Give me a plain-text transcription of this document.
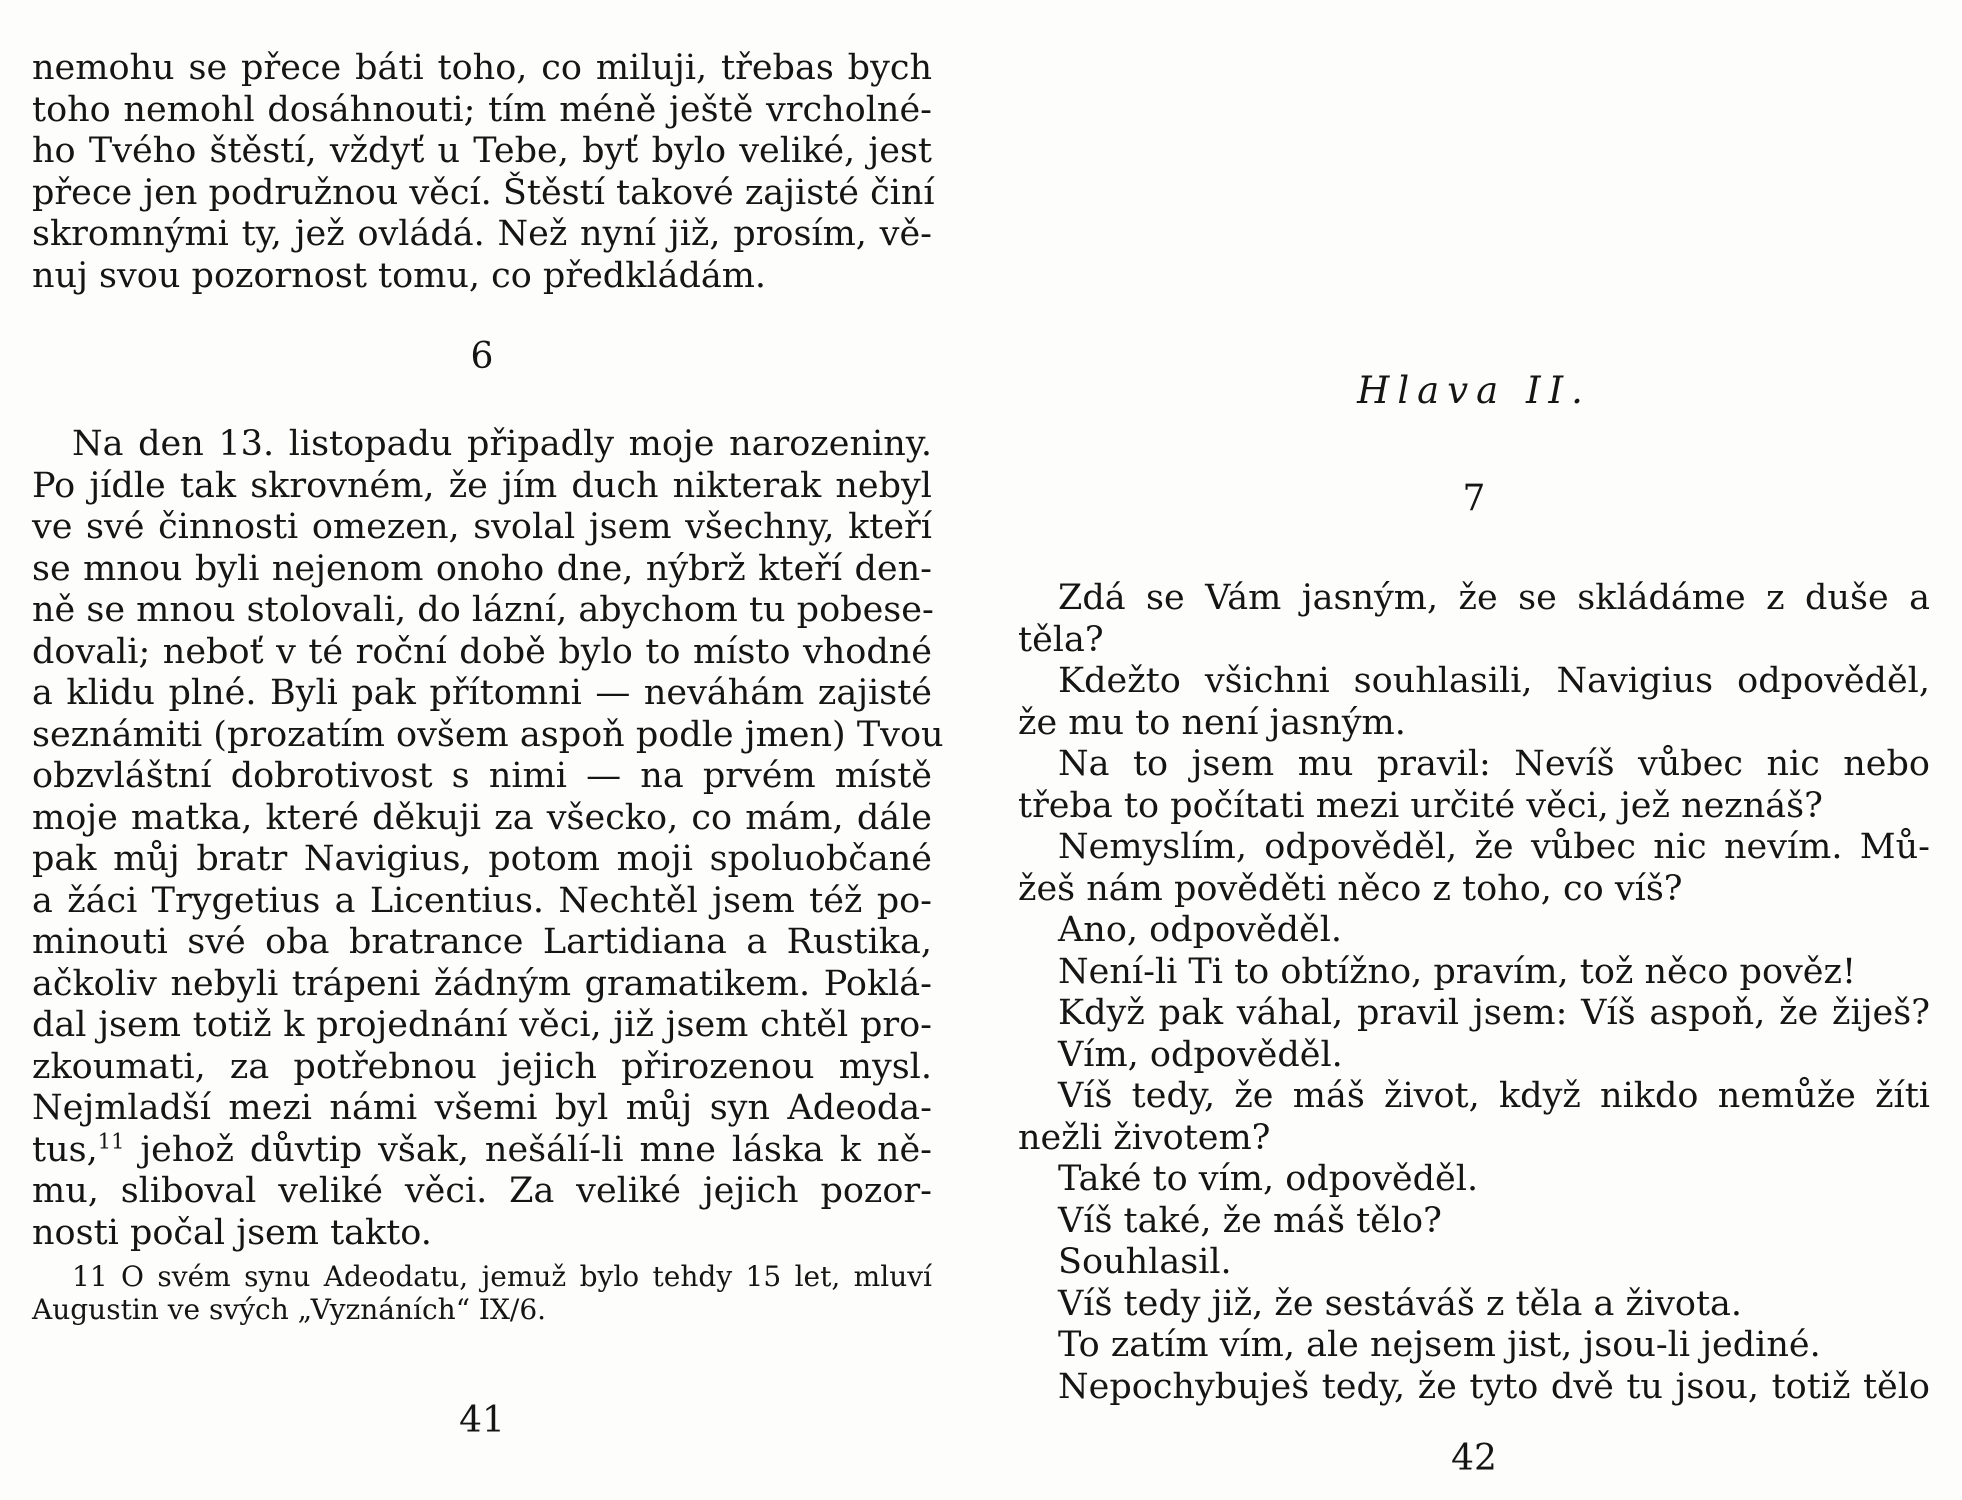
nemohu se přece báti toho, co miluji, třebas bych
toho nemohl dosáhnouti; tím méně ještě vrcholné-
ho Tvého štěstí, vždyť u Tebe, byť bylo veliké, jest
přece jen podružnou věcí. Štěstí takové zajisté činí
skromnými ty, jež ovládá. Než nyní již, prosím, vě-
nuj svou pozornost tomu, co předkládám.
6
Na den 13. listopadu připadly moje narozeniny.
Po jídle tak skrovném, že jím duch nikterak nebyl
ve své činnosti omezen, svolal jsem všechny, kteří
se mnou byli nejenom onoho dne, nýbrž kteří den-
ně se mnou stolovali, do lázní, abychom tu pobese-
dovali; neboť v té roční době bylo to místo vhodné
a klidu plné. Byli pak přítomni — neváhám zajisté
seznámiti (prozatím ovšem aspoň podle jmen) Tvou
obzvláštní dobrotivost s nimi — na prvém místě
moje matka, které děkuji za všecko, co mám, dále
pak můj bratr Navigius, potom moji spoluobčané
a žáci Trygetius a Licentius. Nechtěl jsem též po-
minouti své oba bratrance Lartidiana a Rustika,
ačkoliv nebyli trápeni žádným gramatikem. Poklá-
dal jsem totiž k projednání věci, již jsem chtěl pro-
zkoumati, za potřebnou jejich přirozenou mysl.
Nejmladší mezi námi všemi byl můj syn Adeoda-
tus,$^{11}$ jehož důvtip však, nešálí-li mne láska k ně-
mu, sliboval veliké věci. Za veliké jejich pozor-
nosti počal jsem takto.
11 O svém synu Adeodatu, jemuž bylo tehdy 15 let, mluví
Augustin ve svých „Vyznáních“ IX/6.
41
Hlava II.
7
Zdá se Vám jasným, že se skládáme z duše a
těla?
Kdežto všichni souhlasili, Navigius odpověděl,
že mu to není jasným.
Na to jsem mu pravil: Nevíš vůbec nic nebo
třeba to počítati mezi určité věci, jež neznáš?
Nemyslím, odpověděl, že vůbec nic nevím. Mů-
žeš nám pověděti něco z toho, co víš?
Ano, odpověděl.
Není-li Ti to obtížno, pravím, tož něco pověz!
Když pak váhal, pravil jsem: Víš aspoň, že žiješ?
Vím, odpověděl.
Víš tedy, že máš život, když nikdo nemůže žíti
nežli životem?
Také to vím, odpověděl.
Víš také, že máš tělo?
Souhlasil.
Víš tedy již, že sestáváš z těla a života.
To zatím vím, ale nejsem jist, jsou-li jediné.
Nepochybuješ tedy, že tyto dvě tu jsou, totiž tělo
42
